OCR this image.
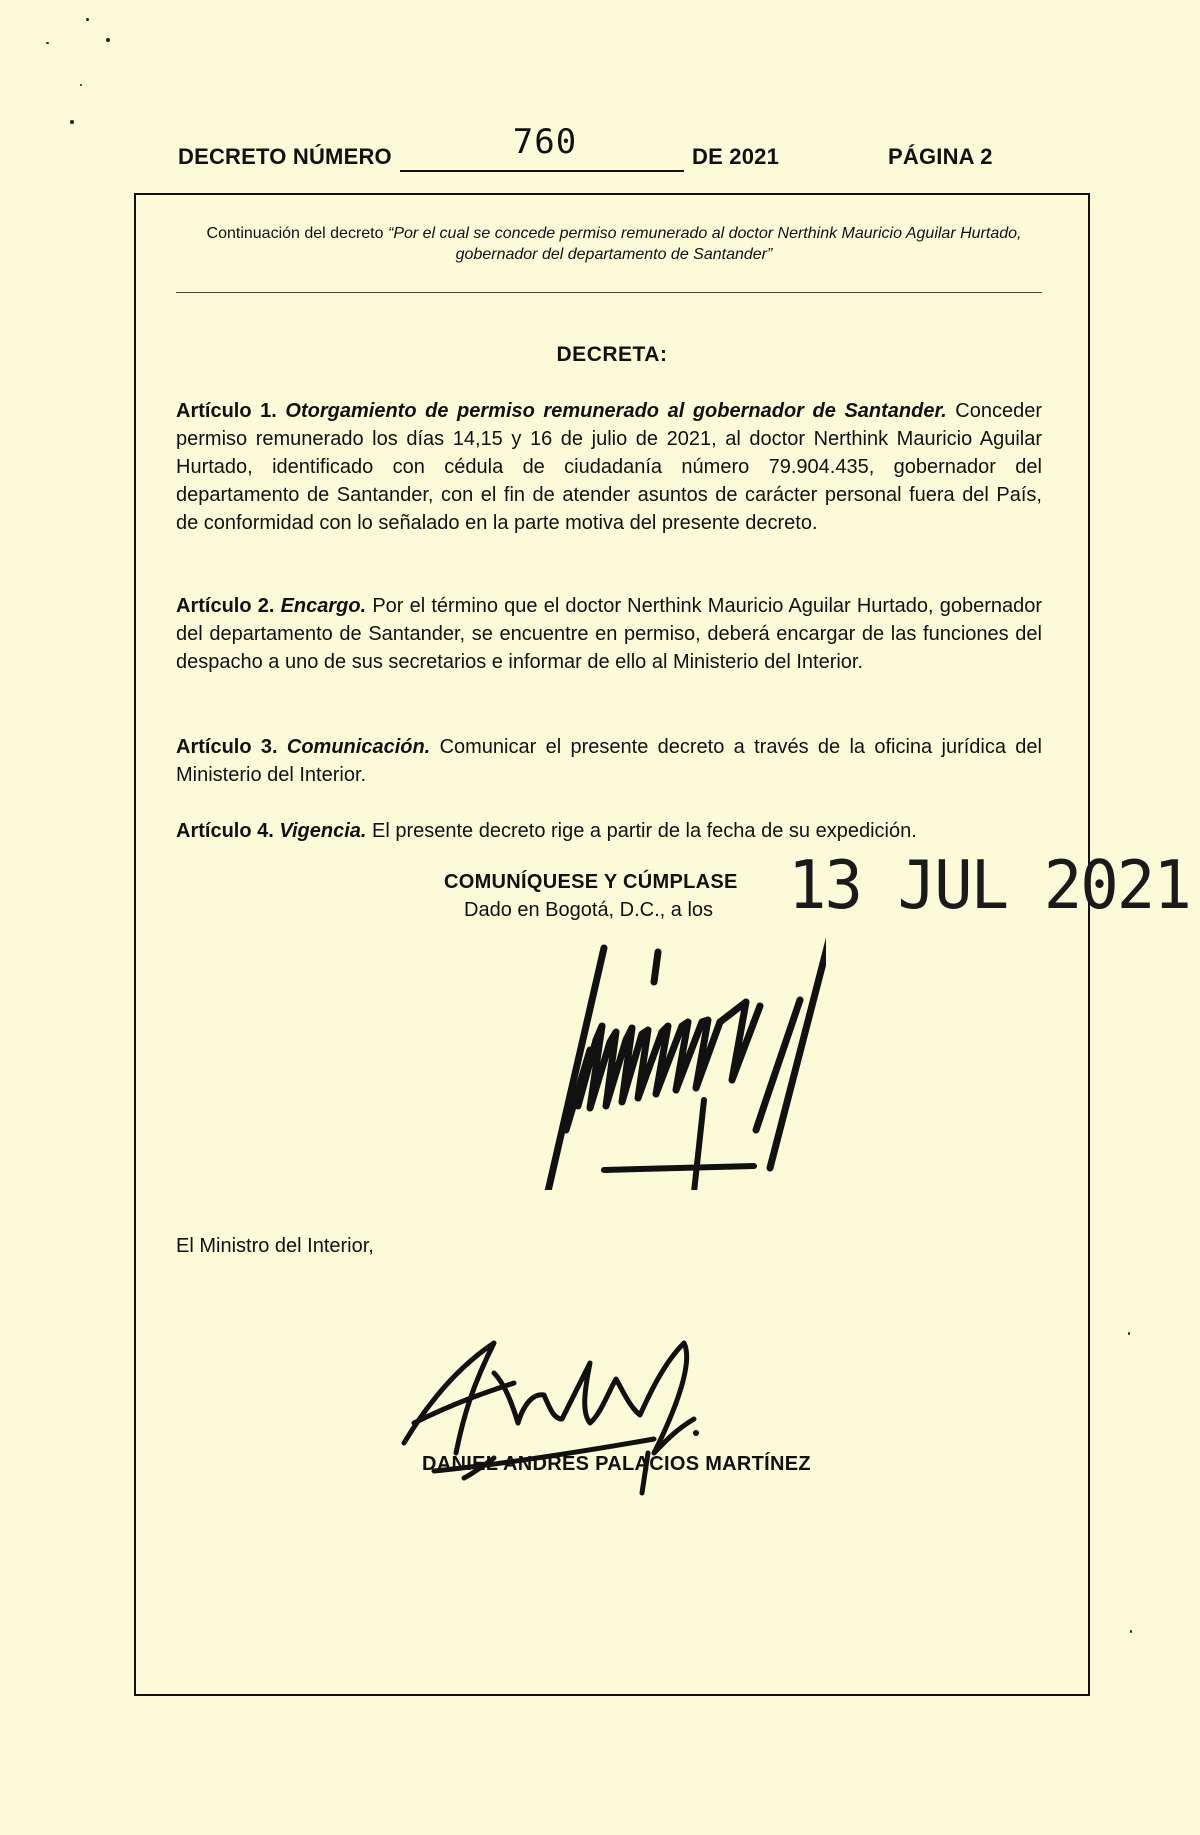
DECRETO NÚMERO	760	DE 2021	PÁGINA 2
Continuación del decreto “Por el cual se concede permiso remunerado al doctor Nerthink Mauricio Aguilar Hurtado, gobernador del departamento de Santander”
DECRETA:
Artículo 1. Otorgamiento de permiso remunerado al gobernador de Santander. Conceder permiso remunerado los días 14,15 y 16 de julio de 2021, al doctor Nerthink Mauricio Aguilar Hurtado, identificado con cédula de ciudadanía número 79.904.435, gobernador del departamento de Santander, con el fin de atender asuntos de carácter personal fuera del País, de conformidad con lo señalado en la parte motiva del presente decreto.
Artículo 2. Encargo. Por el término que el doctor Nerthink Mauricio Aguilar Hurtado, gobernador del departamento de Santander, se encuentre en permiso, deberá encargar de las funciones del despacho a uno de sus secretarios e informar de ello al Ministerio del Interior.
Artículo 3. Comunicación. Comunicar el presente decreto a través de la oficina jurídica del Ministerio del Interior.
Artículo 4. Vigencia. El presente decreto rige a partir de la fecha de su expedición.
COMUNÍQUESE Y CÚMPLASE
Dado en Bogotá, D.C., a los 13 JUL 2021
El Ministro del Interior,
DANIEL ANDRÉS PALACIOS MARTÍNEZ
